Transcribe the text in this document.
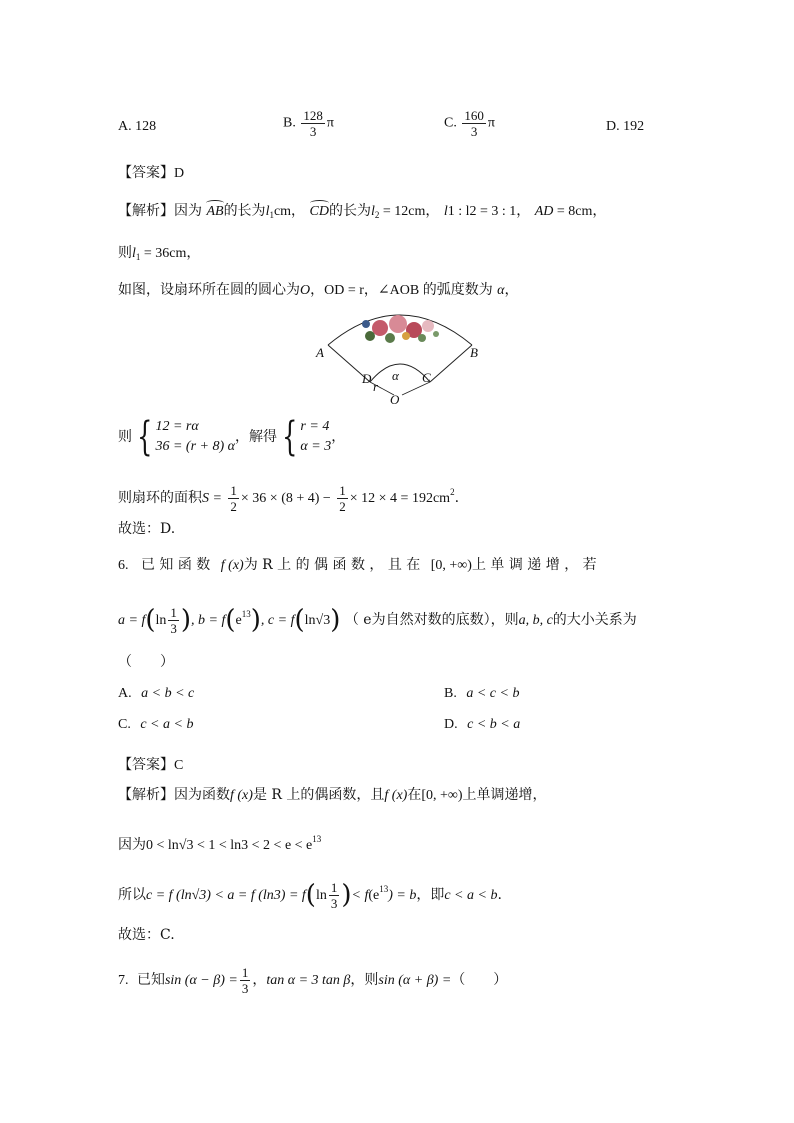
A. 128	B. $\frac{128}{3}$ π	C. $\frac{160}{3}$ π	D. 192
【答案】D
【解析】因为 AB的长为$l_1cm$， CD的长为$l_2 = 12cm$， l1 : l2 = 3 : 1， AD = 8cm，
则$l_1 = 36cm$，
如图，设扇环所在圆的圆心为O，OD = r，∠AOB 的弧度数为 α，
A	B
C
D α
r
O
则 { 12 = rα
36 = (r + 8) α
，解得 { r = 4
α = 3
，
则扇环的面积$S = \frac{1}{2} \times 36 \times (8 + 4) - \frac{1}{2} \times 12 \times 4 = 192cm^2$.
故选：D.
6. 已 知 函 数 f (x)为 R 上 的 偶 函 数 ， 且 在 [0, +∞)上 单 调 递 增 ， 若
$a = f(\ln \frac{1}{3}$ ), $b = f(e^{13})$, c = f(ln√3) （ e为自然对数的底数），则a, b, c的大小关系为
（　　）
A. a < b < c	B. a < c < b
C. c < a < b	D. c < b < a
【答案】C
【解析】因为函数f (x)是 R 上的偶函数，且f (x)在[0, +∞)上单调递增，
因为$0 < \ln√3 < 1 < \ln 3 < 2 < e < e^{13}$
所以c = f (ln√3) < a = f $(\ln 3) = f(\ln \frac{1}{3}$ )< $f(e^{13}) = b$，即c < a < b.
故选：C.
7. 已知$\sin (\alpha - \beta) = \frac{1}{3}$ ，tan α = 3 tan β，则sin (α + β) =（　　）
